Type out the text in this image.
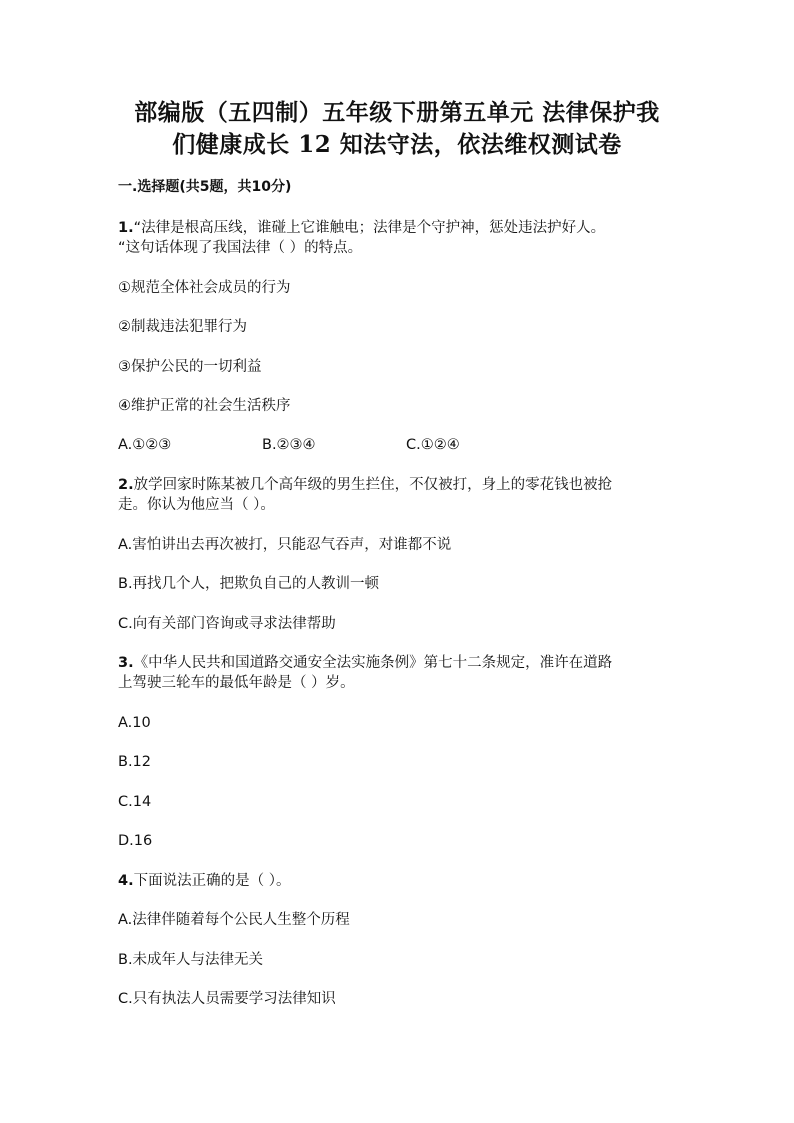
部编版（五四制）五年级下册第五单元 法律保护我
们健康成长 12 知法守法，依法维权测试卷
一.选择题(共5题，共10分)
1.“法律是根高压线，谁碰上它谁触电；法律是个守护神，惩处违法护好人。
“这句话体现了我国法律（ ）的特点。
①规范全体社会成员的行为
②制裁违法犯罪行为
③保护公民的一切利益
④维护正常的社会生活秩序
A.①②③	B.②③④	C.①②④
2.放学回家时陈某被几个高年级的男生拦住，不仅被打，身上的零花钱也被抢
走。你认为他应当（ ）。
A.害怕讲出去再次被打，只能忍气吞声，对谁都不说
B.再找几个人，把欺负自己的人教训一顿
C.向有关部门咨询或寻求法律帮助
3.《中华人民共和国道路交通安全法实施条例》第七十二条规定，准许在道路
上驾驶三轮车的最低年龄是（ ）岁。
A.10
B.12
C.14
D.16
4.下面说法正确的是（ ）。
A.法律伴随着每个公民人生整个历程
B.未成年人与法律无关
C.只有执法人员需要学习法律知识
